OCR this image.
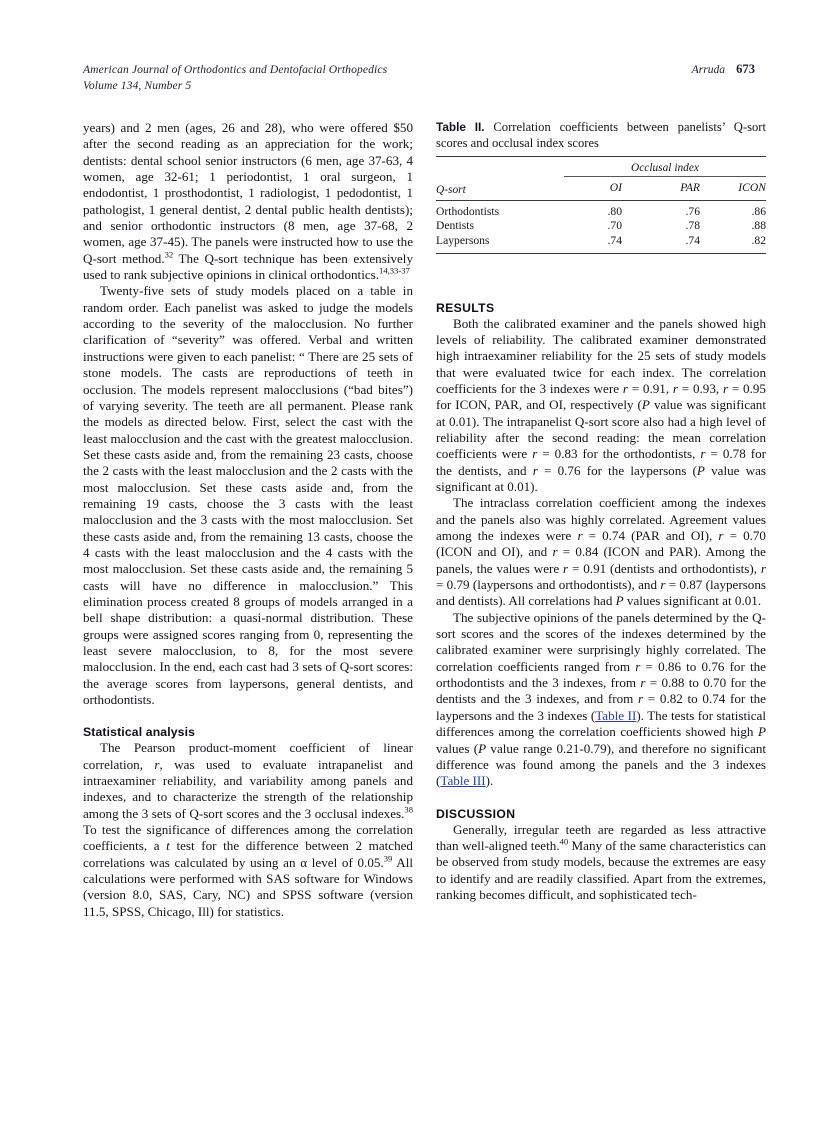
American Journal of Orthodontics and Dentofacial Orthopedics
Volume 134, Number 5
Arruda 673

years) and 2 men (ages, 26 and 28), who were offered $50 after the second reading as an appreciation for the work; dentists: dental school senior instructors (6 men, age 37-63, 4 women, age 32-61; 1 periodontist, 1 oral surgeon, 1 endodontist, 1 prosthodontist, 1 radiologist, 1 pedodontist, 1 pathologist, 1 general dentist, 2 dental public health dentists); and senior orthodontic instructors (8 men, age 37-68, 2 women, age 37-45). The panels were instructed how to use the Q-sort method.$^{32}$ The Q-sort technique has been extensively used to rank subjective opinions in clinical orthodontics.$^{14,33-37}$

Twenty-five sets of study models placed on a table in random order. Each panelist was asked to judge the models according to the severity of the malocclusion. No further clarification of “severity” was offered. Verbal and written instructions were given to each panelist: “ There are 25 sets of stone models. The casts are reproductions of teeth in occlusion. The models represent malocclusions (“bad bites”) of varying severity. The teeth are all permanent. Please rank the models as directed below. First, select the cast with the least malocclusion and the cast with the greatest malocclusion. Set these casts aside and, from the remaining 23 casts, choose the 2 casts with the least malocclusion and the 2 casts with the most malocclusion. Set these casts aside and, from the remaining 19 casts, choose the 3 casts with the least malocclusion and the 3 casts with the most malocclusion. Set these casts aside and, from the remaining 13 casts, choose the 4 casts with the least malocclusion and the 4 casts with the most malocclusion. Set these casts aside and, the remaining 5 casts will have no difference in malocclusion.” This elimination process created 8 groups of models arranged in a bell shape distribution: a quasi-normal distribution. These groups were assigned scores ranging from 0, representing the least severe malocclusion, to 8, for the most severe malocclusion. In the end, each cast had 3 sets of Q-sort scores: the average scores from laypersons, general dentists, and orthodontists.

Statistical analysis

The Pearson product-moment coefficient of linear correlation, r, was used to evaluate intrapanelist and intraexaminer reliability, and variability among panels and indexes, and to characterize the strength of the relationship among the 3 sets of Q-sort scores and the 3 occlusal indexes.$^{38}$ To test the significance of differences among the correlation coefficients, a t test for the difference between 2 matched correlations was calculated by using an α level of 0.05.39 All calculations were performed with SAS software for Windows (version 8.0, SAS, Cary, NC) and SPSS software (version 11.5, SPSS, Chicago, Ill) for statistics.

Table II. Correlation coefficients between panelists’ Q-sort scores and occlusal index scores
	Occlusal index		
Q-sort	OI	PAR	ICON
Orthodontists	.80	.76	.86
Dentists	.70	.78	.88
Laypersons	.74	.74	.82
RESULTS

Both the calibrated examiner and the panels showed high levels of reliability. The calibrated examiner demonstrated high intraexaminer reliability for the 25 sets of study models that were evaluated twice for each index. The correlation coefficients for the 3 indexes were r = 0.91, r = 0.93, r = 0.95 for ICON, PAR, and OI, respectively (P value was significant at 0.01). The intrapanelist Q-sort score also had a high level of reliability after the second reading: the mean correlation coefficients were r = 0.83 for the orthodontists, r = 0.78 for the dentists, and r = 0.76 for the laypersons (P value was significant at 0.01).

The intraclass correlation coefficient among the indexes and the panels also was highly correlated. Agreement values among the indexes were r = 0.74 (PAR and OI), r = 0.70 (ICON and OI), and r = 0.84 (ICON and PAR). Among the panels, the values were r = 0.91 (dentists and orthodontists), r = 0.79 (laypersons and orthodontists), and r = 0.87 (laypersons and dentists). All correlations had P values significant at 0.01.

The subjective opinions of the panels determined by the Q-sort scores and the scores of the indexes determined by the calibrated examiner were surprisingly highly correlated. The correlation coefficients ranged from r = 0.86 to 0.76 for the orthodontists and the 3 indexes, from r = 0.88 to 0.70 for the dentists and the 3 indexes, and from r = 0.82 to 0.74 for the laypersons and the 3 indexes (Table II). The tests for statistical differences among the correlation coefficients showed high P values (P value range 0.21-0.79), and therefore no significant difference was found among the panels and the 3 indexes (Table III).

DISCUSSION

Generally, irregular teeth are regarded as less attractive than well-aligned teeth.$^{40}$ Many of the same characteristics can be observed from study models, because the extremes are easy to identify and are readily classified. Apart from the extremes, ranking becomes difficult, and sophisticated tech-
